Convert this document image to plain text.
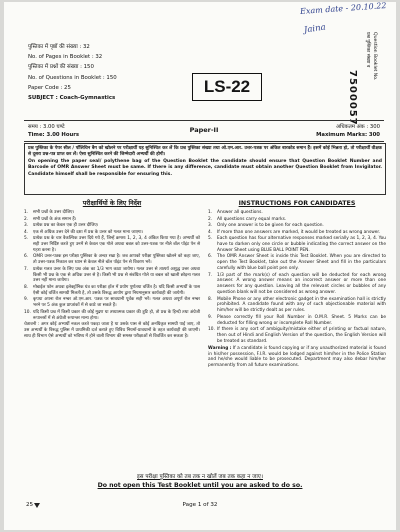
Exam date - 20.10.22
Jaina
पुस्तिका में पृष्ठों की संख्या : 32
No. of Pages in Booklet : 32
पुस्तिका में प्रश्नों की संख्या : 150
No. of Questions in Booklet : 150
Paper Code : 25
SUBJECT : Coach-Gymnastics
LS-22
प्रश्न पुस्तिका संख्या व Question Booklet No.
7500057
समय : 3.00 घण्टे
Time: 3.00 Hours
Paper-II	अधिकतम अंक : 300
Maximum Marks: 300
प्रश्न पुस्तिका के पेपर सील / पॉलिथिन बैग को खोलने पर परीक्षार्थी यह सुनिश्चित कर लें कि प्रश्न पुस्तिका संख्या तथा ओ.एम.आर. उत्तर-पत्रक पर अंकित बारकोड समान हैं। इसमें कोई भिन्नता हो, तो परीक्षार्थी वीक्षक से दूसरा प्रश्न-पत्र प्राप्त कर लें। ऐसा सुनिश्चित करने की जिम्मेदारी अभ्यर्थी की होगी।
On opening the paper seal/ polythene bag of the Question Booklet the candidate should ensure that Question Booklet Number and Barcode of OMR Answer Sheet must be same. If there is any difference, candidate must obtain another Question Booklet from Invigilator. Candidate himself shall be responsible for ensuring this.
परीक्षार्थियों के लिए निर्देश
1.	सभी प्रश्नों के उत्तर दीजिए।
2.	सभी प्रश्नों के अंक समान हैं।
3.	प्रत्येक प्रश्न का केवल एक ही उत्तर दीजिए।
4.	एक से अधिक उत्तर देने की दशा में प्रश्न के उत्तर को गलत माना जाएगा।
5.	प्रत्येक प्रश्न के चार वैकल्पिक उत्तर दिये गये हैं, जिन्हें क्रमशः 1, 2, 3, 4 अंकित किया गया है। अभ्यर्थी को सही उत्तर निर्दिष्ट करते हुए उनमें से केवल एक गोले अथवा बबल को उत्तर-पत्रक पर नीले बॉल पॉइंट पेन से गहरा करना है।
6.	OMR उत्तर-पत्रक इस परीक्षा पुस्तिका के अन्दर रखा है। जब आपको परीक्षा पुस्तिका खोलने को कहा जाए, तो उत्तर-पत्रक निकाल कर ध्यान से केवल नीले बॉल पॉइंट पेन से विवरण भरें।
7.	प्रत्येक गलत उत्तर के लिए प्रश्न अंक का 1/3 भाग काटा जायेगा। गलत उत्तर से तात्पर्य अशुद्ध उत्तर अथवा किसी भी प्रश्न के एक से अधिक उत्तर से है। किसी भी प्रश्न से संबंधित गोले या बबल को खाली छोड़ना गलत उत्तर नहीं माना जायेगा।
8.	मोबाईल फोन अथवा इलेक्ट्रॉनिक यंत्र का परीक्षा हॉल में प्रयोग पूर्णतया वर्जित है। यदि किसी अभ्यर्थी के पास ऐसी कोई वर्जित सामग्री मिलती है, तो उसके विरुद्ध आयोग द्वारा नियमानुसार कार्यवाही की जायेगी।
9.	कृपया अपना रोल नम्बर ओ.एम.आर. पत्रक पर सावधानी पूर्वक सही भरें। गलत अथवा अपूर्ण रोल नम्बर भरने पर 5 अंक कुल प्राप्तांकों में से काटे जा सकते हैं।
10. यदि किसी प्रश्न में किसी प्रकार की कोई मुद्रण या तथ्यात्मक प्रकार की त्रुटि हो, तो प्रश्न के हिन्दी तथा अंग्रेजी रूपान्तरों में से अंग्रेजी रूपान्तर मान्य होगा।
चेतावनी : अगर कोई अभ्यर्थी नकल करते पकड़ा जाता है या उसके पास से कोई अनधिकृत सामग्री पाई जाए, तो उस अभ्यर्थी के विरुद्ध पुलिस में प्राथमिकी दर्ज कराते हुए विविध नियमों-प्रावधानों के तहत कार्यवाही की जाएगी। साथ ही विभाग ऐसे अभ्यर्थी को भविष्य में होने वाली विभाग की समस्त परीक्षाओं से विवर्जित कर सकता है।
INSTRUCTIONS FOR CANDIDATES
1.	Answer all questions.
2.	All questions carry equal marks.
3.	Only one answer is to be given for each question.
4.	If more than one answers are marked, it would be treated as wrong answer.
5.	Each question has four alternative responses marked serially as 1, 2, 3, 4. You have to darken only one circle or bubble indicating the correct answer on the Answer Sheet using BLUE BALL POINT PEN.
6.	The OMR Answer Sheet is inside this Test Booklet. When you are directed to open the Test Booklet, take out the Answer Sheet and fill in the particulars carefully with blue ball point pen only.
7.	1/3 part of the mark(s) of each question will be deducted for each wrong answer. A wrong answer means an incorrect answer or more than one answers for any question. Leaving all the relevant circles or bubbles of any question blank will not be considered as wrong answer.
8.	Mobile Phone or any other electronic gadget in the examination hall is strictly prohibited. A candidate found with any of such objectionable material with him/her will be strictly dealt as per rules.
9.	Please correctly fill your Roll Number in O.M.R. Sheet. 5 Marks can be deducted for filling wrong or incomplete Roll Number.
10. If there is any sort of ambiguity/mistake either of printing or factual nature, then out of Hindi and English Version of the question, the English Version will be treated as standard.
Warning : If a candidate is found copying or if any unauthorized material is found in his/her possession, F.I.R. would be lodged against him/her in the Police Station and he/she would liable to be prosecuted. Department may also debar him/her permanently from all future examinations.
इस परीक्षा पुस्तिका को तब तक न खोलें जब तक कहा न जाए।
Do not open this Test Booklet until you are asked to do so.
25	Page 1 of 32
